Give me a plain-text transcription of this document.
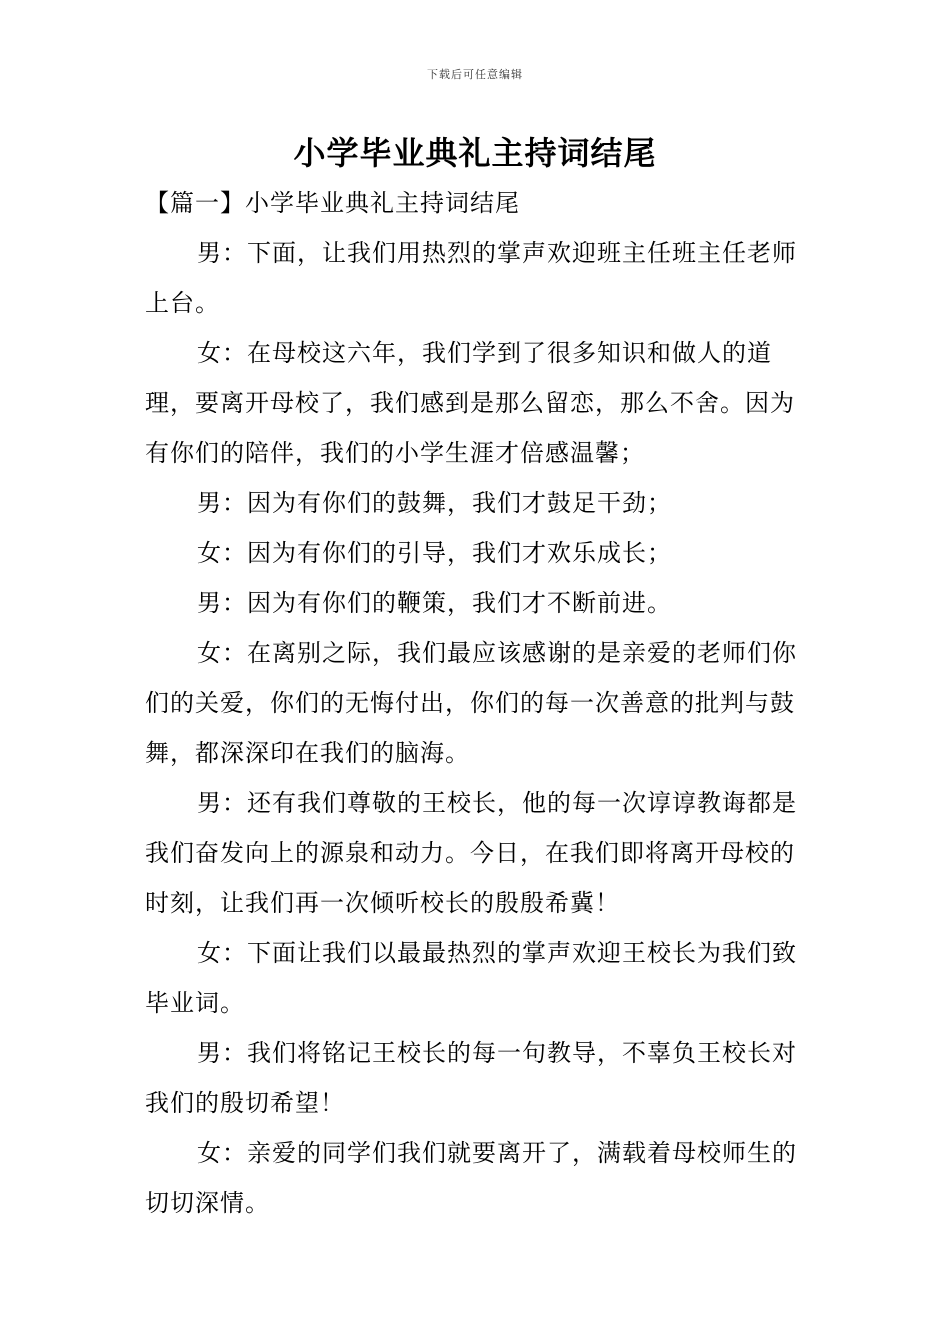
下载后可任意编辑
小学毕业典礼主持词结尾

【篇一】小学毕业典礼主持词结尾

男：下面，让我们用热烈的掌声欢迎班主任班主任老师上台。

女：在母校这六年，我们学到了很多知识和做人的道理，要离开母校了，我们感到是那么留恋，那么不舍。因为有你们的陪伴，我们的小学生涯才倍感温馨；

男：因为有你们的鼓舞，我们才鼓足干劲；

女：因为有你们的引导，我们才欢乐成长；

男：因为有你们的鞭策，我们才不断前进。

女：在离别之际，我们最应该感谢的是亲爱的老师们你们的关爱，你们的无悔付出，你们的每一次善意的批判与鼓舞，都深深印在我们的脑海。

男：还有我们尊敬的王校长，他的每一次谆谆教诲都是我们奋发向上的源泉和动力。今日，在我们即将离开母校的时刻，让我们再一次倾听校长的殷殷希冀！

女：下面让我们以最最热烈的掌声欢迎王校长为我们致毕业词。

男：我们将铭记王校长的每一句教导，不辜负王校长对我们的殷切希望！

女：亲爱的同学们我们就要离开了，满载着母校师生的切切深情。
